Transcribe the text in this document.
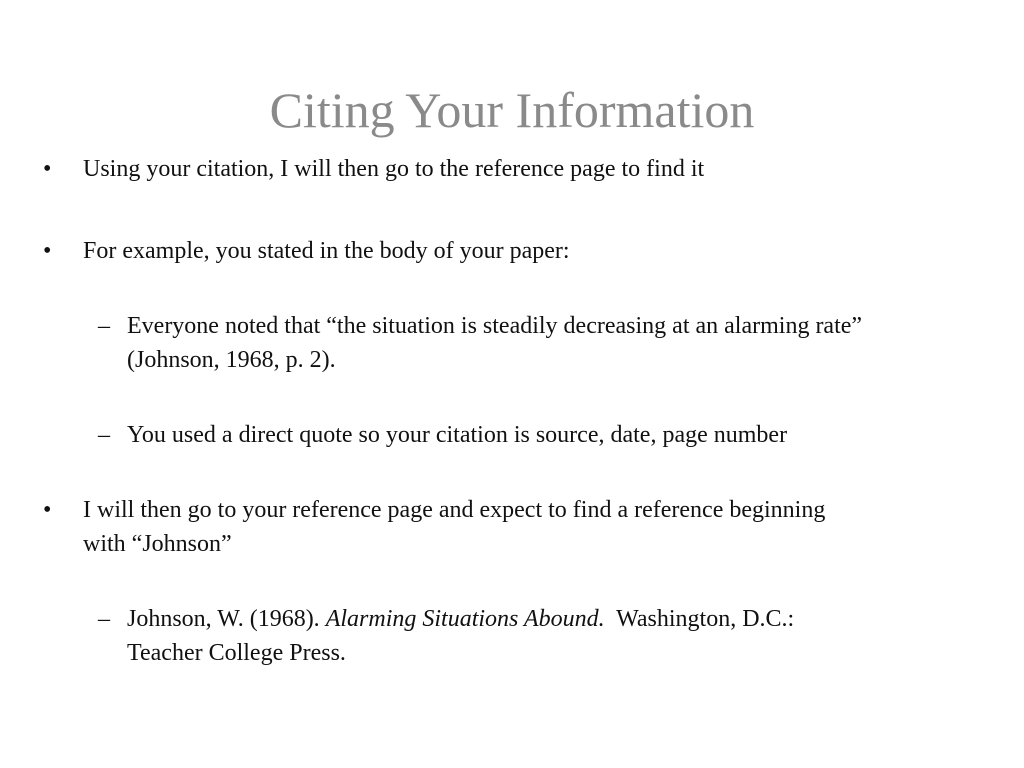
Citing Your Information
• Using your citation, I will then go to the reference page to find it
• For example, you stated in the body of your paper:
– Everyone noted that “the situation is steadily decreasing at an alarming rate”
(Johnson, 1968, p. 2).
– You used a direct quote so your citation is source, date, page number
• I will then go to your reference page and expect to find a reference beginning
with “Johnson”
– Johnson, W. (1968). Alarming Situations Abound.  Washington, D.C.:
Teacher College Press.
